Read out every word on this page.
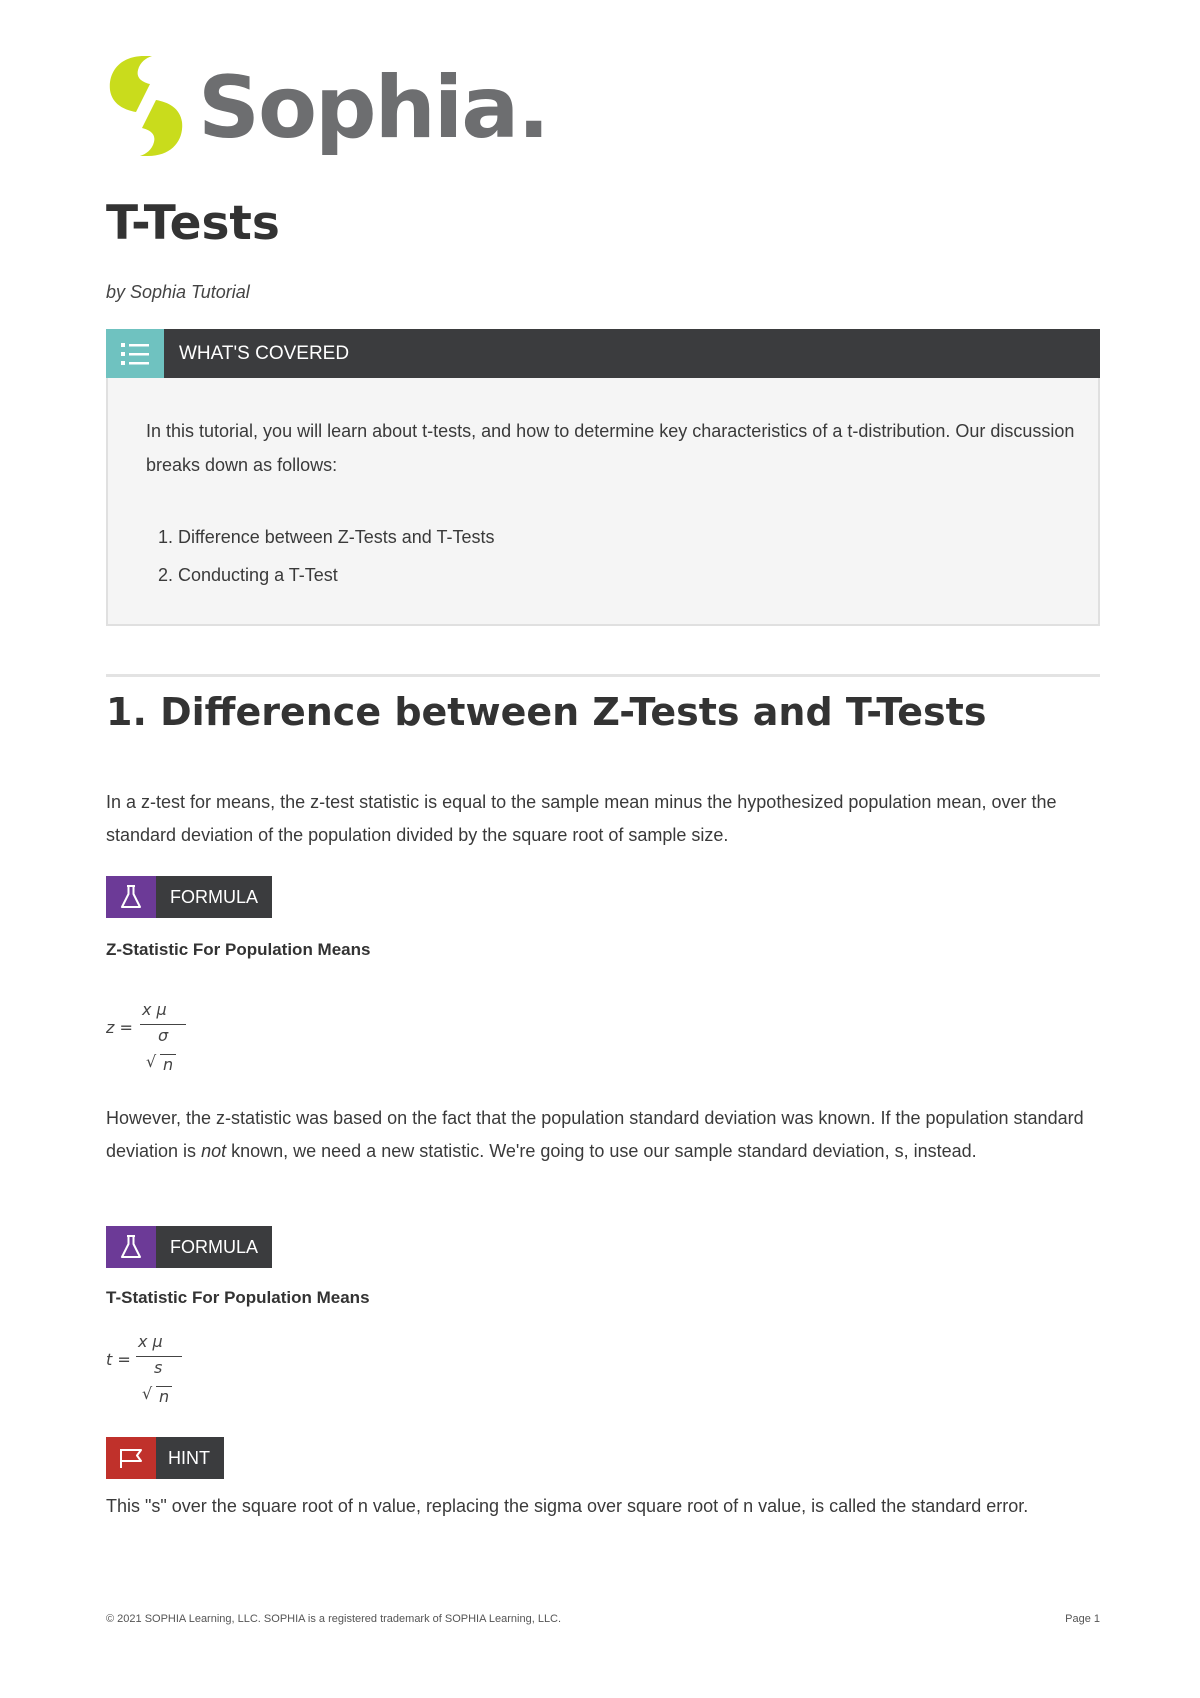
Sophia.
T-Tests
by Sophia Tutorial
WHAT'S COVERED

In this tutorial, you will learn about t-tests, and how to determine key characteristics of a t-distribution. Our discussion breaks down as follows:

1. Difference between Z-Tests and T-Tests
2. Conducting a T-Test
1. Difference between Z-Tests and T-Tests

In a z-test for means, the z-test statistic is equal to the sample mean minus the hypothesized population mean, over the standard deviation of the population divided by the square root of sample size.

FORMULA
Z-Statistic For Population Means
z =
x μ
σ
√ n

However, the z-statistic was based on the fact that the population standard deviation was known. If the population standard deviation is not known, we need a new statistic. We're going to use our sample standard deviation, s, instead.

FORMULA
T-Statistic For Population Means
t =
x μ
s
√ n
HINT

This "s" over the square root of n value, replacing the sigma over square root of n value, is called the standard error.

© 2021 SOPHIA Learning, LLC. SOPHIA is a registered trademark of SOPHIA Learning, LLC.	Page 1
